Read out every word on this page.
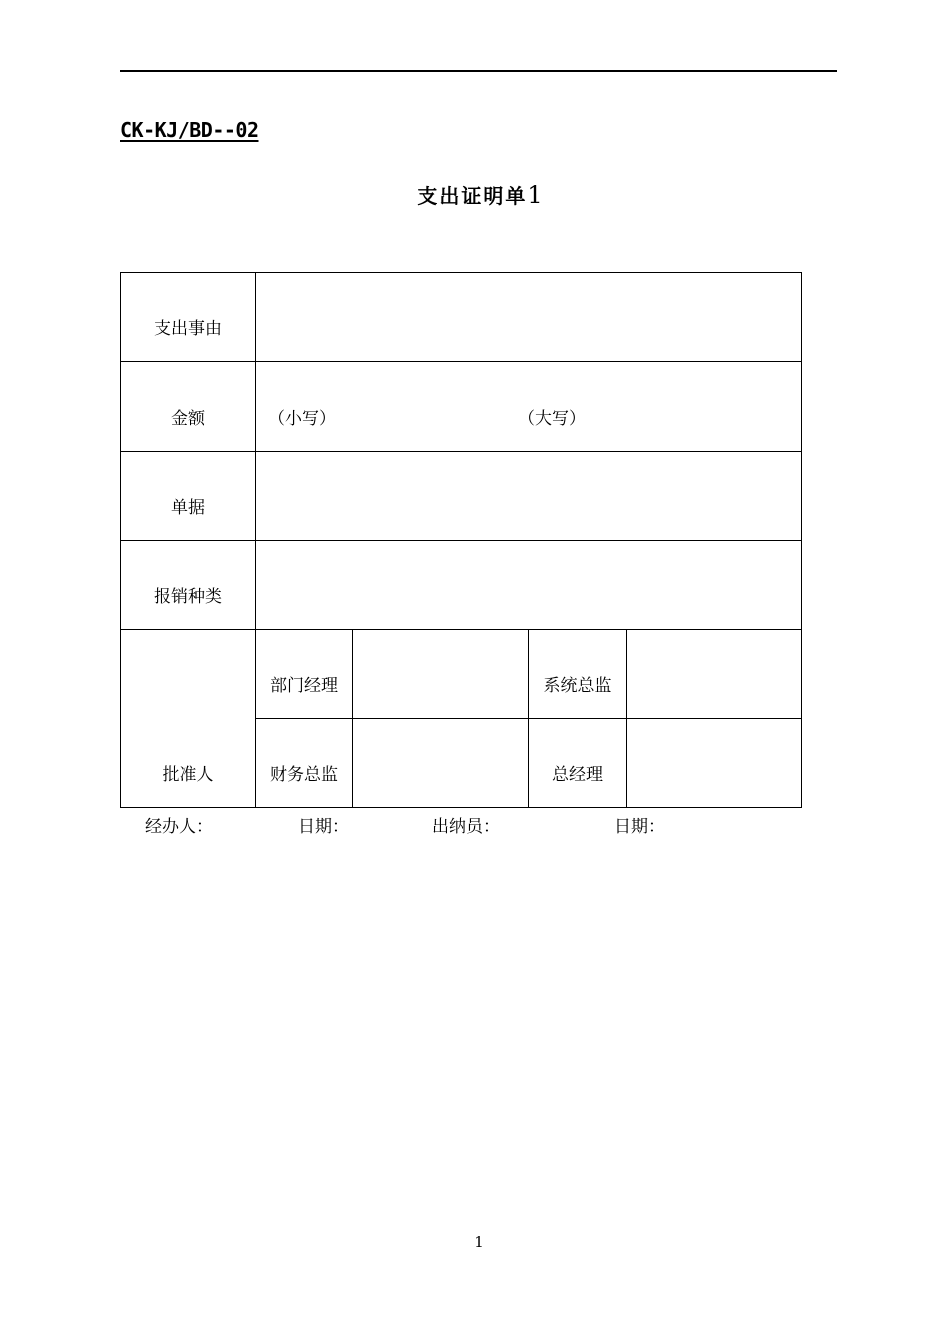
CK-KJ/BD--02
支出证明单1
支出事由				

金额	（小写） （大写）			

单据				

报销种类				

批准人	部门经理		系统总监	

	财务总监		总经理	

经办人：	日期：	出纳员：	日期：
1
